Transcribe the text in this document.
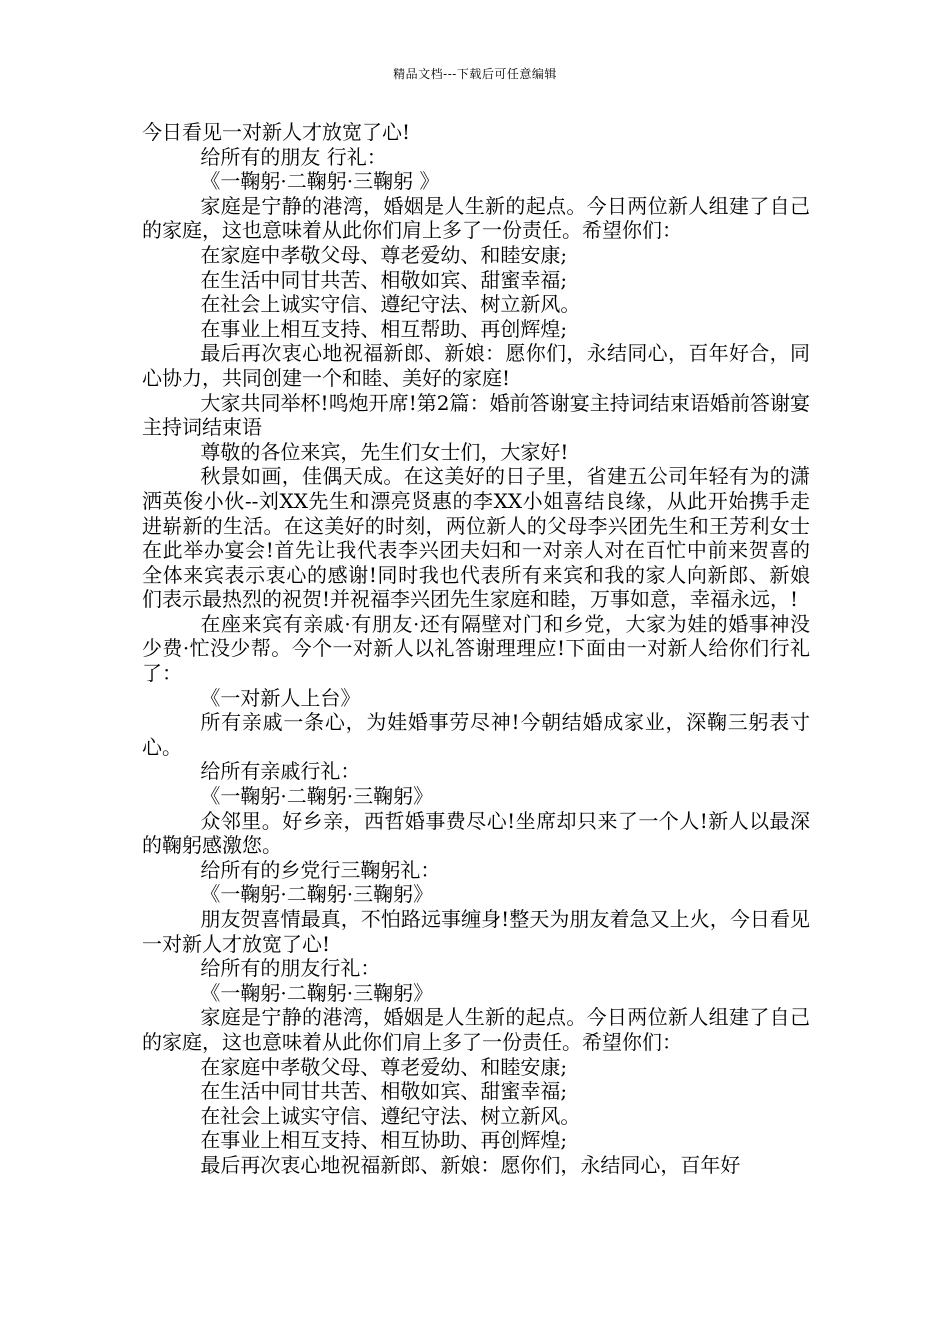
精品文档---下载后可任意编辑

今日看见一对新人才放宽了心!

给所有的朋友 行礼：

《一鞠躬·二鞠躬·三鞠躬 》

家庭是宁静的港湾，婚姻是人生新的起点。今日两位新人组建了自己的家庭，这也意味着从此你们肩上多了一份责任。希望你们：

在家庭中孝敬父母、尊老爱幼、和睦安康;

在生活中同甘共苦、相敬如宾、甜蜜幸福;

在社会上诚实守信、遵纪守法、树立新风。

在事业上相互支持、相互帮助、再创辉煌;

最后再次衷心地祝福新郎、新娘：愿你们，永结同心，百年好合，同心协力，共同创建一个和睦、美好的家庭!

大家共同举杯!鸣炮开席!第2篇：婚前答谢宴主持词结束语婚前答谢宴主持词结束语

尊敬的各位来宾，先生们女士们，大家好!

秋景如画，佳偶天成。在这美好的日子里，省建五公司年轻有为的潇洒英俊小伙--刘XX先生和漂亮贤惠的李XX小姐喜结良缘，从此开始携手走进崭新的生活。在这美好的时刻，两位新人的父母李兴团先生和王芳利女士在此举办宴会!首先让我代表李兴团夫妇和一对亲人对在百忙中前来贺喜的全体来宾表示衷心的感谢!同时我也代表所有来宾和我的家人向新郎、新娘们表示最热烈的祝贺!并祝福李兴团先生家庭和睦，万事如意，幸福永远，!

在座来宾有亲戚·有朋友·还有隔壁对门和乡党，大家为娃的婚事神没少费·忙没少帮。今个一对新人以礼答谢理理应!下面由一对新人给你们行礼了：

《一对新人上台》

所有亲戚一条心，为娃婚事劳尽神!今朝结婚成家业，深鞠三躬表寸心。

给所有亲戚行礼：

《一鞠躬·二鞠躬·三鞠躬》

众邻里。好乡亲，西哲婚事费尽心!坐席却只来了一个人!新人以最深的鞠躬感激您。

给所有的乡党行三鞠躬礼：

《一鞠躬·二鞠躬·三鞠躬》

朋友贺喜情最真，不怕路远事缠身!整天为朋友着急又上火，今日看见一对新人才放宽了心!

给所有的朋友行礼：

《一鞠躬·二鞠躬·三鞠躬》

家庭是宁静的港湾，婚姻是人生新的起点。今日两位新人组建了自己的家庭，这也意味着从此你们肩上多了一份责任。希望你们：

在家庭中孝敬父母、尊老爱幼、和睦安康;

在生活中同甘共苦、相敬如宾、甜蜜幸福;

在社会上诚实守信、遵纪守法、树立新风。

在事业上相互支持、相互协助、再创辉煌;

最后再次衷心地祝福新郎、新娘：愿你们，永结同心，百年好
